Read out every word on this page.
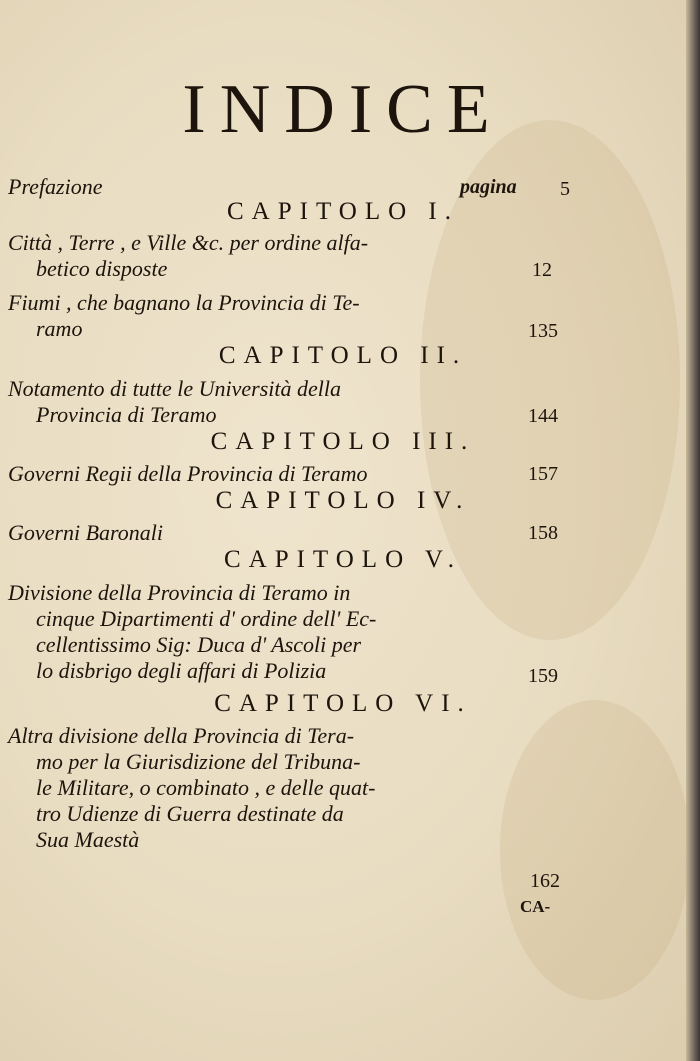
INDICE
Prefazione	pagina 5
CAPITOLO I.
Città , Terre , e Ville &c. per ordine alfa-
betico disposte	12
Fiumi , che bagnano la Provincia di Te-
ramo	135
CAPITOLO II.
Notamento di tutte le Università della
Provincia di Teramo	144
CAPITOLO III.
Governi Regii della Provincia di Teramo	157
CAPITOLO IV.
Governi Baronali	158
CAPITOLO V.
Divisione della Provincia di Teramo in
cinque Dipartimenti d' ordine dell' Ec-
cellentissimo Sig: Duca d' Ascoli per
lo disbrigo degli affari di Polizia	159
CAPITOLO VI.
Altra divisione della Provincia di Tera-
mo per la Giurisdizione del Tribuna-
le Militare, o combinato , e delle quat-
tro Udienze di Guerra destinate da
Sua Maestà
162
CA-
